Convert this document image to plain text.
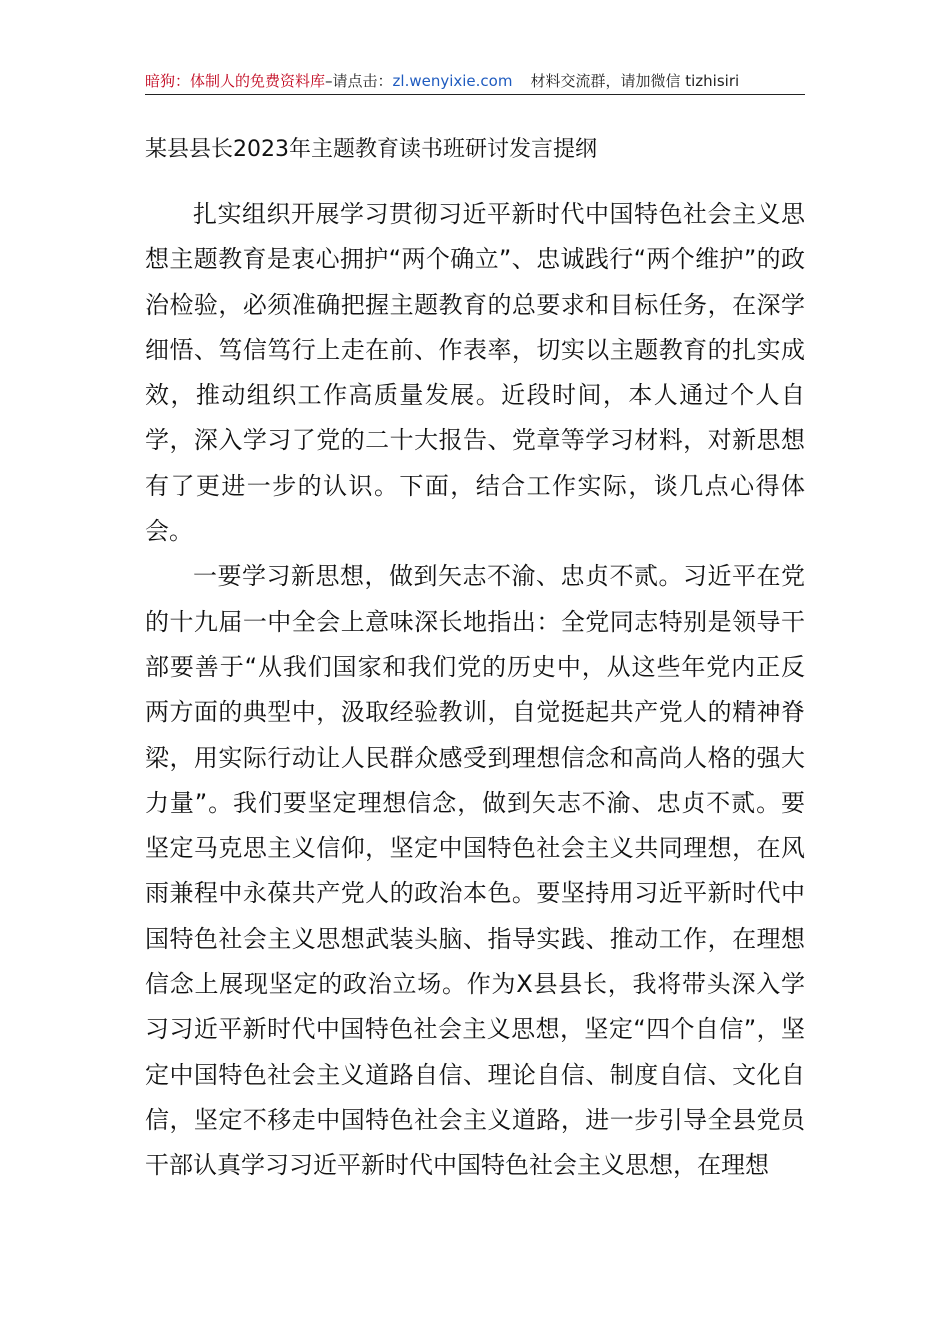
暗狗：体制人的免费资料库–请点击：zl.wenyixie.com 材料交流群，请加微信 tizhisiri
某县县长2023年主题教育读书班研讨发言提纲

扎实组织开展学习贯彻习近平新时代中国特色社会主义思想主题教育是衷心拥护“两个确立”、忠诚践行“两个维护”的政治检验，必须准确把握主题教育的总要求和目标任务，在深学细悟、笃信笃行上走在前、作表率，切实以主题教育的扎实成效，推动组织工作高质量发展。近段时间，本人通过个人自学，深入学习了党的二十大报告、党章等学习材料，对新思想有了更进一步的认识。下面，结合工作实际，谈几点心得体会。

一要学习新思想，做到矢志不渝、忠贞不贰。习近平在党的十九届一中全会上意味深长地指出：全党同志特别是领导干部要善于“从我们国家和我们党的历史中，从这些年党内正反两方面的典型中，汲取经验教训，自觉挺起共产党人的精神脊梁，用实际行动让人民群众感受到理想信念和高尚人格的强大力量”。我们要坚定理想信念，做到矢志不渝、忠贞不贰。要坚定马克思主义信仰，坚定中国特色社会主义共同理想，在风雨兼程中永葆共产党人的政治本色。要坚持用习近平新时代中国特色社会主义思想武装头脑、指导实践、推动工作，在理想信念上展现坚定的政治立场。作为X县县长，我将带头深入学习习近平新时代中国特色社会主义思想，坚定“四个自信”，坚定中国特色社会主义道路自信、理论自信、制度自信、文化自信，坚定不移走中国特色社会主义道路，进一步引导全县党员干部认真学习习近平新时代中国特色社会主义思想，在理想
